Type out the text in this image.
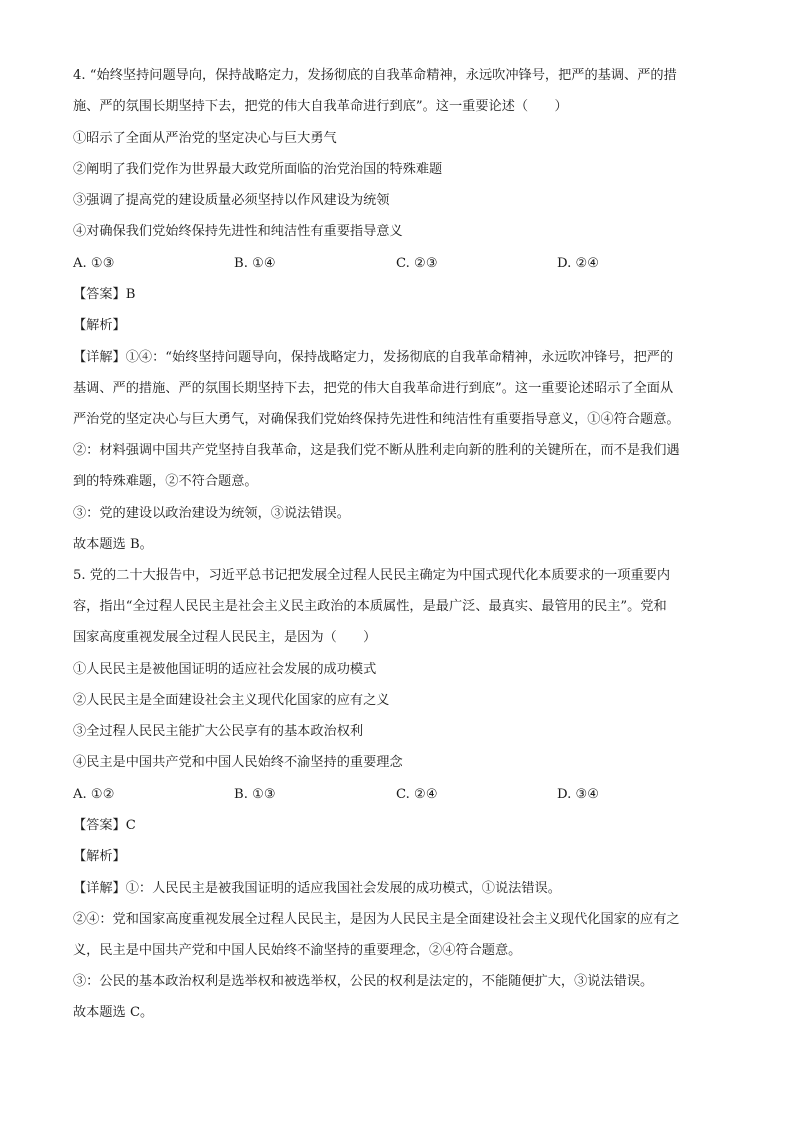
4. “始终坚持问题导向，保持战略定力，发扬彻底的自我革命精神，永远吹冲锋号，把严的基调、严的措
施、严的氛围长期坚持下去，把党的伟大自我革命进行到底”。这一重要论述（　　）
①昭示了全面从严治党的坚定决心与巨大勇气
②阐明了我们党作为世界最大政党所面临的治党治国的特殊难题
③强调了提高党的建设质量必须坚持以作风建设为统领
④对确保我们党始终保持先进性和纯洁性有重要指导意义
A. ①③	B. ①④	C. ②③	D. ②④
【答案】B
【解析】
【详解】①④：“始终坚持问题导向，保持战略定力，发扬彻底的自我革命精神，永远吹冲锋号，把严的
基调、严的措施、严的氛围长期坚持下去，把党的伟大自我革命进行到底”。这一重要论述昭示了全面从
严治党的坚定决心与巨大勇气，对确保我们党始终保持先进性和纯洁性有重要指导意义，①④符合题意。
②：材料强调中国共产党坚持自我革命，这是我们党不断从胜利走向新的胜利的关键所在，而不是我们遇
到的特殊难题，②不符合题意。
③：党的建设以政治建设为统领，③说法错误。
故本题选 B。
5. 党的二十大报告中，习近平总书记把发展全过程人民民主确定为中国式现代化本质要求的一项重要内
容，指出“全过程人民民主是社会主义民主政治的本质属性，是最广泛、最真实、最管用的民主”。党和
国家高度重视发展全过程人民民主，是因为（　　）
①人民民主是被他国证明的适应社会发展的成功模式
②人民民主是全面建设社会主义现代化国家的应有之义
③全过程人民民主能扩大公民享有的基本政治权利
④民主是中国共产党和中国人民始终不渝坚持的重要理念
A. ①②	B. ①③	C. ②④	D. ③④
【答案】C
【解析】
【详解】①：人民民主是被我国证明的适应我国社会发展的成功模式，①说法错误。
②④：党和国家高度重视发展全过程人民民主，是因为人民民主是全面建设社会主义现代化国家的应有之
义，民主是中国共产党和中国人民始终不渝坚持的重要理念，②④符合题意。
③：公民的基本政治权利是选举权和被选举权，公民的权利是法定的，不能随便扩大，③说法错误。
故本题选 C。
